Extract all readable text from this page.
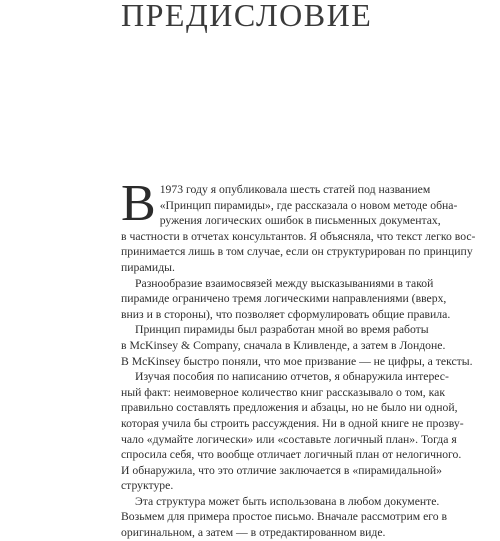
ПРЕДИСЛОВИЕ
В 1973 году я опубликовала шесть статей под названием
«Принцип пирамиды», где рассказала о новом методе обна-
ружения логических ошибок в письменных документах,
в частности в отчетах консультантов. Я объясняла, что текст легко вос-
принимается лишь в том случае, если он структурирован по принципу
пирамиды.
Разнообразие взаимосвязей между высказываниями в такой
пирамиде ограничено тремя логическими направлениями (вверх,
вниз и в стороны), что позволяет сформулировать общие правила.
Принцип пирамиды был разработан мной во время работы
в McKinsey & Company, сначала в Кливленде, а затем в Лондоне.
В McKinsey быстро поняли, что мое призвание — не цифры, а тексты.
Изучая пособия по написанию отчетов, я обнаружила интерес-
ный факт: неимоверное количество книг рассказывало о том, как
правильно составлять предложения и абзацы, но не было ни одной,
которая учила бы строить рассуждения. Ни в одной книге не прозву-
чало «думайте логически» или «составьте логичный план». Тогда я
спросила себя, что вообще отличает логичный план от нелогичного.
И обнаружила, что это отличие заключается в «пирамидальной»
структуре.
Эта структура может быть использована в любом документе.
Возьмем для примера простое письмо. Вначале рассмотрим его в
оригинальном, а затем — в отредактированном виде.
